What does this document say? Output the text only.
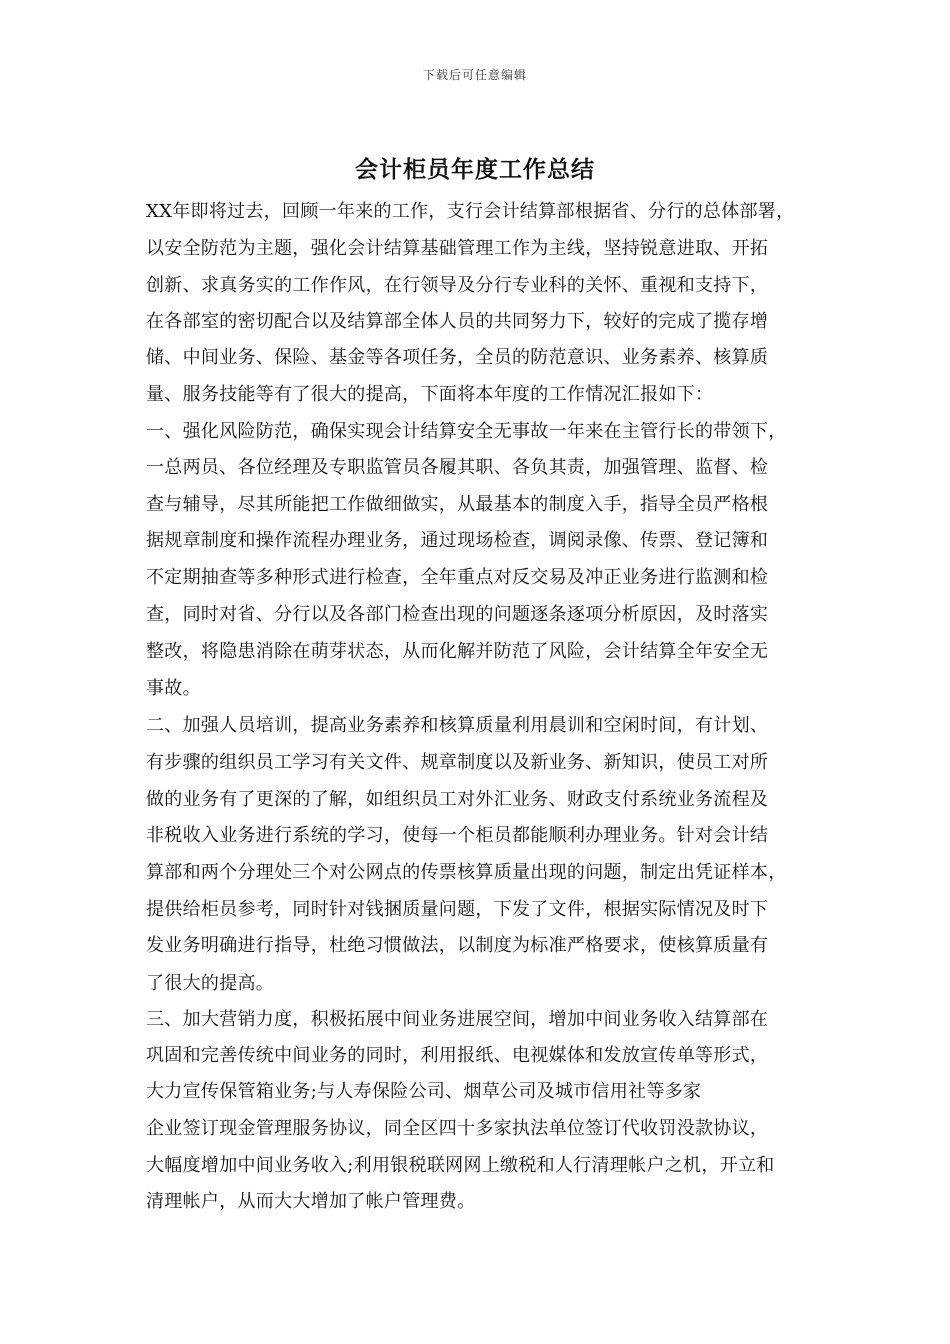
下载后可任意编辑
会计柜员年度工作总结
XX年即将过去，回顾一年来的工作，支行会计结算部根据省、分行的总体部署，
以安全防范为主题，强化会计结算基础管理工作为主线，坚持锐意进取、开拓
创新、求真务实的工作作风，在行领导及分行专业科的关怀、重视和支持下，
在各部室的密切配合以及结算部全体人员的共同努力下，较好的完成了揽存增
储、中间业务、保险、基金等各项任务，全员的防范意识、业务素养、核算质
量、服务技能等有了很大的提高，下面将本年度的工作情况汇报如下：
一、强化风险防范，确保实现会计结算安全无事故一年来在主管行长的带领下，
一总两员、各位经理及专职监管员各履其职、各负其责，加强管理、监督、检
查与辅导，尽其所能把工作做细做实，从最基本的制度入手，指导全员严格根
据规章制度和操作流程办理业务，通过现场检查，调阅录像、传票、登记簿和
不定期抽查等多种形式进行检查，全年重点对反交易及冲正业务进行监测和检
查，同时对省、分行以及各部门检查出现的问题逐条逐项分析原因，及时落实
整改，将隐患消除在萌芽状态，从而化解并防范了风险，会计结算全年安全无
事故。
二、加强人员培训，提高业务素养和核算质量利用晨训和空闲时间，有计划、
有步骤的组织员工学习有关文件、规章制度以及新业务、新知识，使员工对所
做的业务有了更深的了解，如组织员工对外汇业务、财政支付系统业务流程及
非税收入业务进行系统的学习，使每一个柜员都能顺利办理业务。针对会计结
算部和两个分理处三个对公网点的传票核算质量出现的问题，制定出凭证样本，
提供给柜员参考，同时针对钱捆质量问题，下发了文件，根据实际情况及时下
发业务明确进行指导，杜绝习惯做法，以制度为标准严格要求，使核算质量有
了很大的提高。
三、加大营销力度，积极拓展中间业务进展空间，增加中间业务收入结算部在
巩固和完善传统中间业务的同时，利用报纸、电视媒体和发放宣传单等形式，
大力宣传保管箱业务;与人寿保险公司、烟草公司及城市信用社等多家
企业签订现金管理服务协议，同全区四十多家执法单位签订代收罚没款协议，
大幅度增加中间业务收入;利用银税联网网上缴税和人行清理帐户之机，开立和
清理帐户，从而大大增加了帐户管理费。
